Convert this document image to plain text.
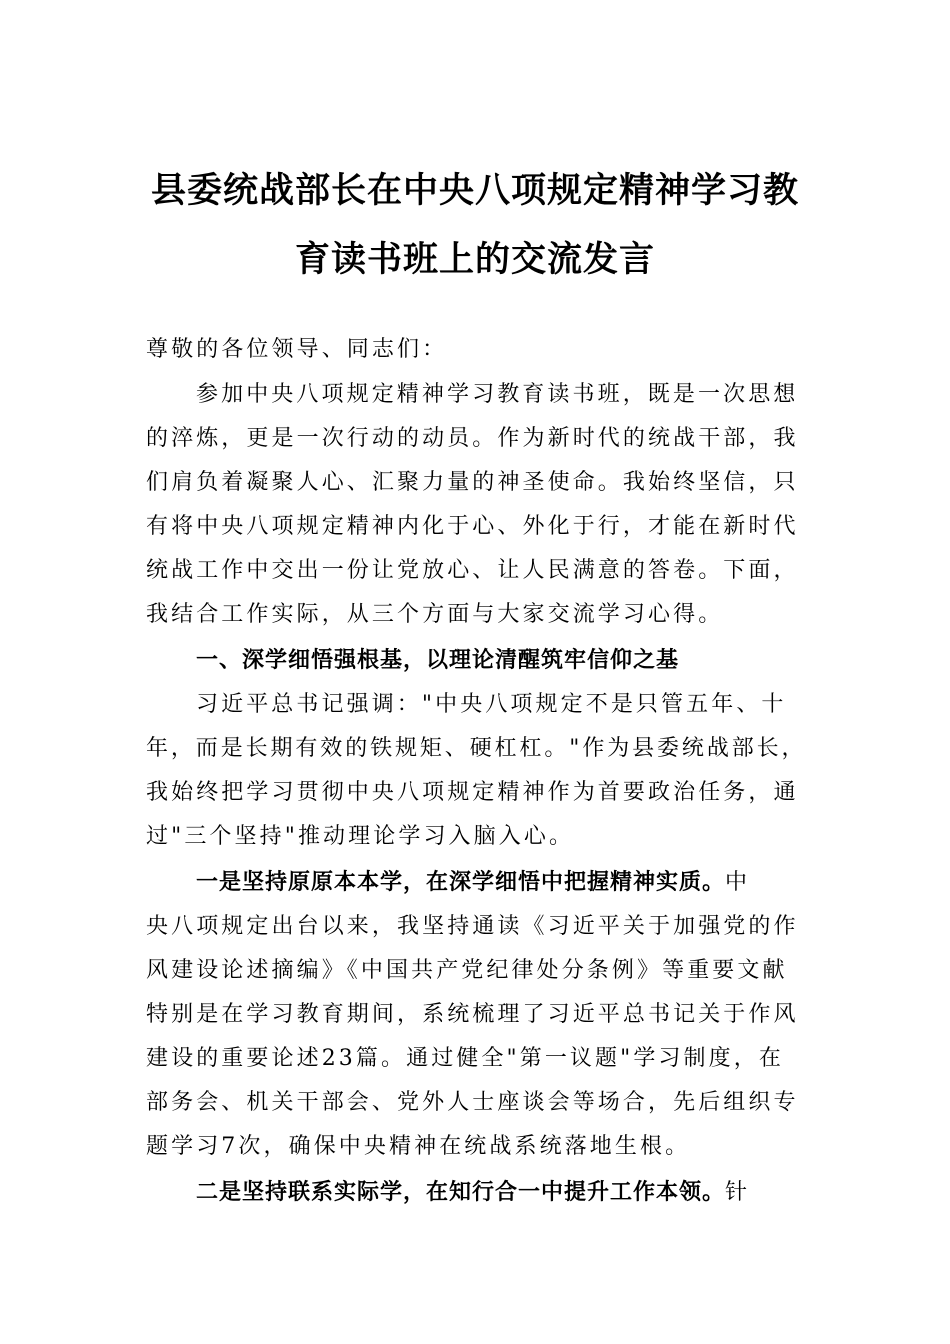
县委统战部长在中央八项规定精神学习教
育读书班上的交流发言
尊敬的各位领导、同志们：
参加中央八项规定精神学习教育读书班，既是一次思想
的淬炼，更是一次行动的动员。作为新时代的统战干部，我
们肩负着凝聚人心、汇聚力量的神圣使命。我始终坚信，只
有将中央八项规定精神内化于心、外化于行，才能在新时代
统战工作中交出一份让党放心、让人民满意的答卷。下面，
我结合工作实际，从三个方面与大家交流学习心得。
一、深学细悟强根基，以理论清醒筑牢信仰之基
习近平总书记强调："中央八项规定不是只管五年、十
年，而是长期有效的铁规矩、硬杠杠。"作为县委统战部长，
我始终把学习贯彻中央八项规定精神作为首要政治任务，通
过"三个坚持"推动理论学习入脑入心。
一是坚持原原本本学，在深学细悟中把握精神实质。中
央八项规定出台以来，我坚持通读《习近平关于加强党的作
风建设论述摘编》《中国共产党纪律处分条例》等重要文献
特别是在学习教育期间，系统梳理了习近平总书记关于作风
建设的重要论述23篇。通过健全"第一议题"学习制度，在
部务会、机关干部会、党外人士座谈会等场合，先后组织专
题学习7次，确保中央精神在统战系统落地生根。
二是坚持联系实际学，在知行合一中提升工作本领。针
